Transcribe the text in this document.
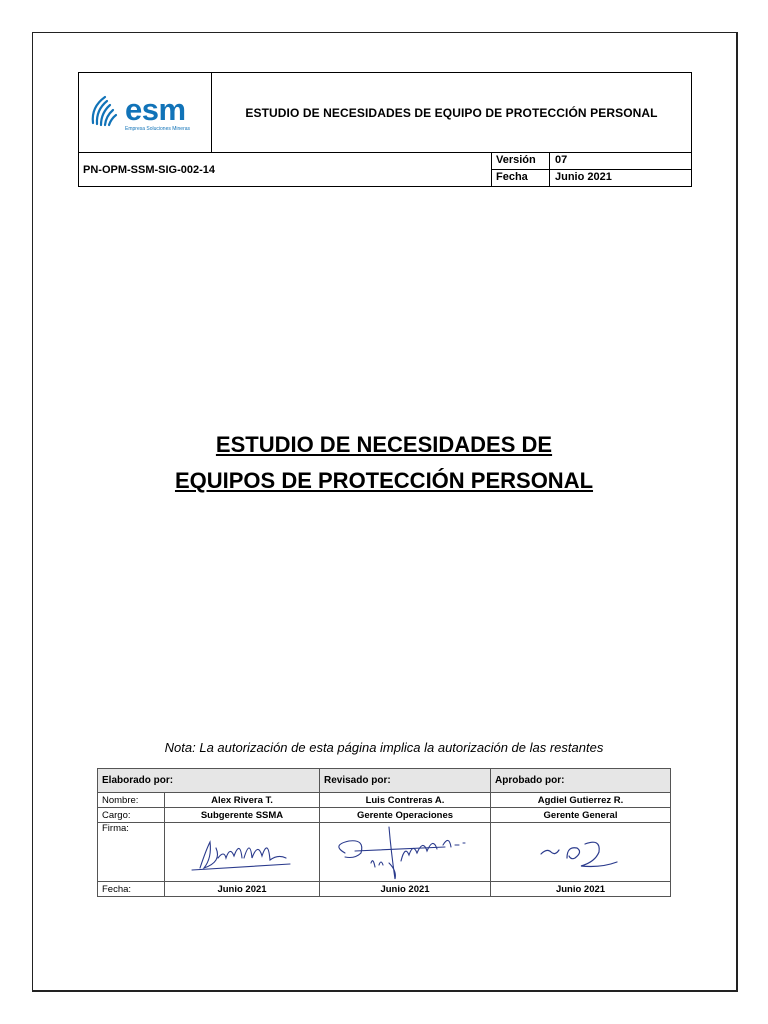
esm
Empresa Soluciones Mineras
ESTUDIO DE NECESIDADES DE EQUIPO DE PROTECCIÓN PERSONAL
PN-OPM-SSM-SIG-002-14
Versión	07
Fecha	Junio 2021
ESTUDIO DE NECESIDADES DE
EQUIPOS DE PROTECCIÓN PERSONAL
Nota: La autorización de esta página implica la autorización de las restantes
Elaborado por:		Revisado por:	Aprobado por:
Nombre:	Alex Rivera T.	Luis Contreras A.	Agdiel Gutierrez R.
Cargo:	Subgerente SSMA	Gerente Operaciones	Gerente General
Firma:	

Fecha:	Junio 2021	Junio 2021	Junio 2021
